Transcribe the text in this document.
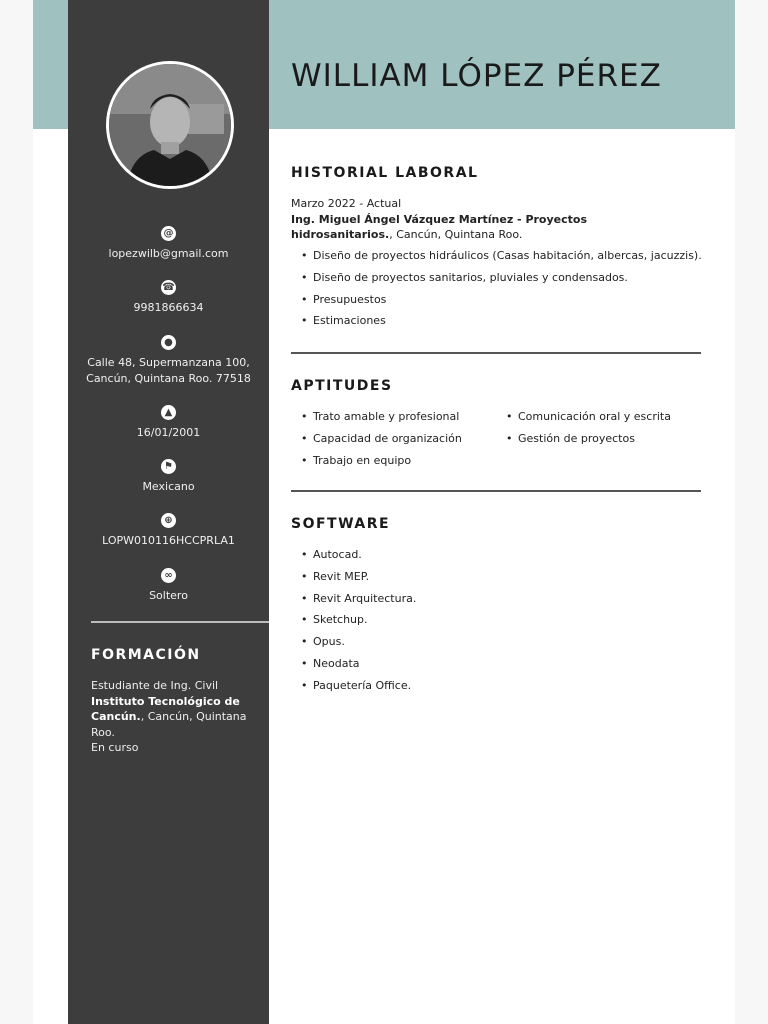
@
lopezwilb@gmail.com
☎
9981866634
●
Calle 48, Supermanzana 100, Cancún, Quintana Roo. 77518
▲
16/01/2001
⚑
Mexicano
⊕
LOPW010116HCCPRLA1
∞
Soltero
FORMACIÓN
Estudiante de Ing. Civil
Instituto Tecnológico de Cancún., Cancún, Quintana Roo.
En curso
WILLIAM LÓPEZ PÉREZ
HISTORIAL LABORAL
Marzo 2022 - Actual
Ing. Miguel Ángel Vázquez Martínez - Proyectos hidrosanitarios., Cancún, Quintana Roo.
• Diseño de proyectos hidráulicos (Casas habitación, albercas, jacuzzis).
• Diseño de proyectos sanitarios, pluviales y condensados.
• Presupuestos
• Estimaciones
APTITUDES
• Trato amable y profesional
• Capacidad de organización
• Trabajo en equipo
• Comunicación oral y escrita
• Gestión de proyectos
SOFTWARE
• Autocad.
• Revit MEP.
• Revit Arquitectura.
• Sketchup.
• Opus.
• Neodata
• Paquetería Office.
